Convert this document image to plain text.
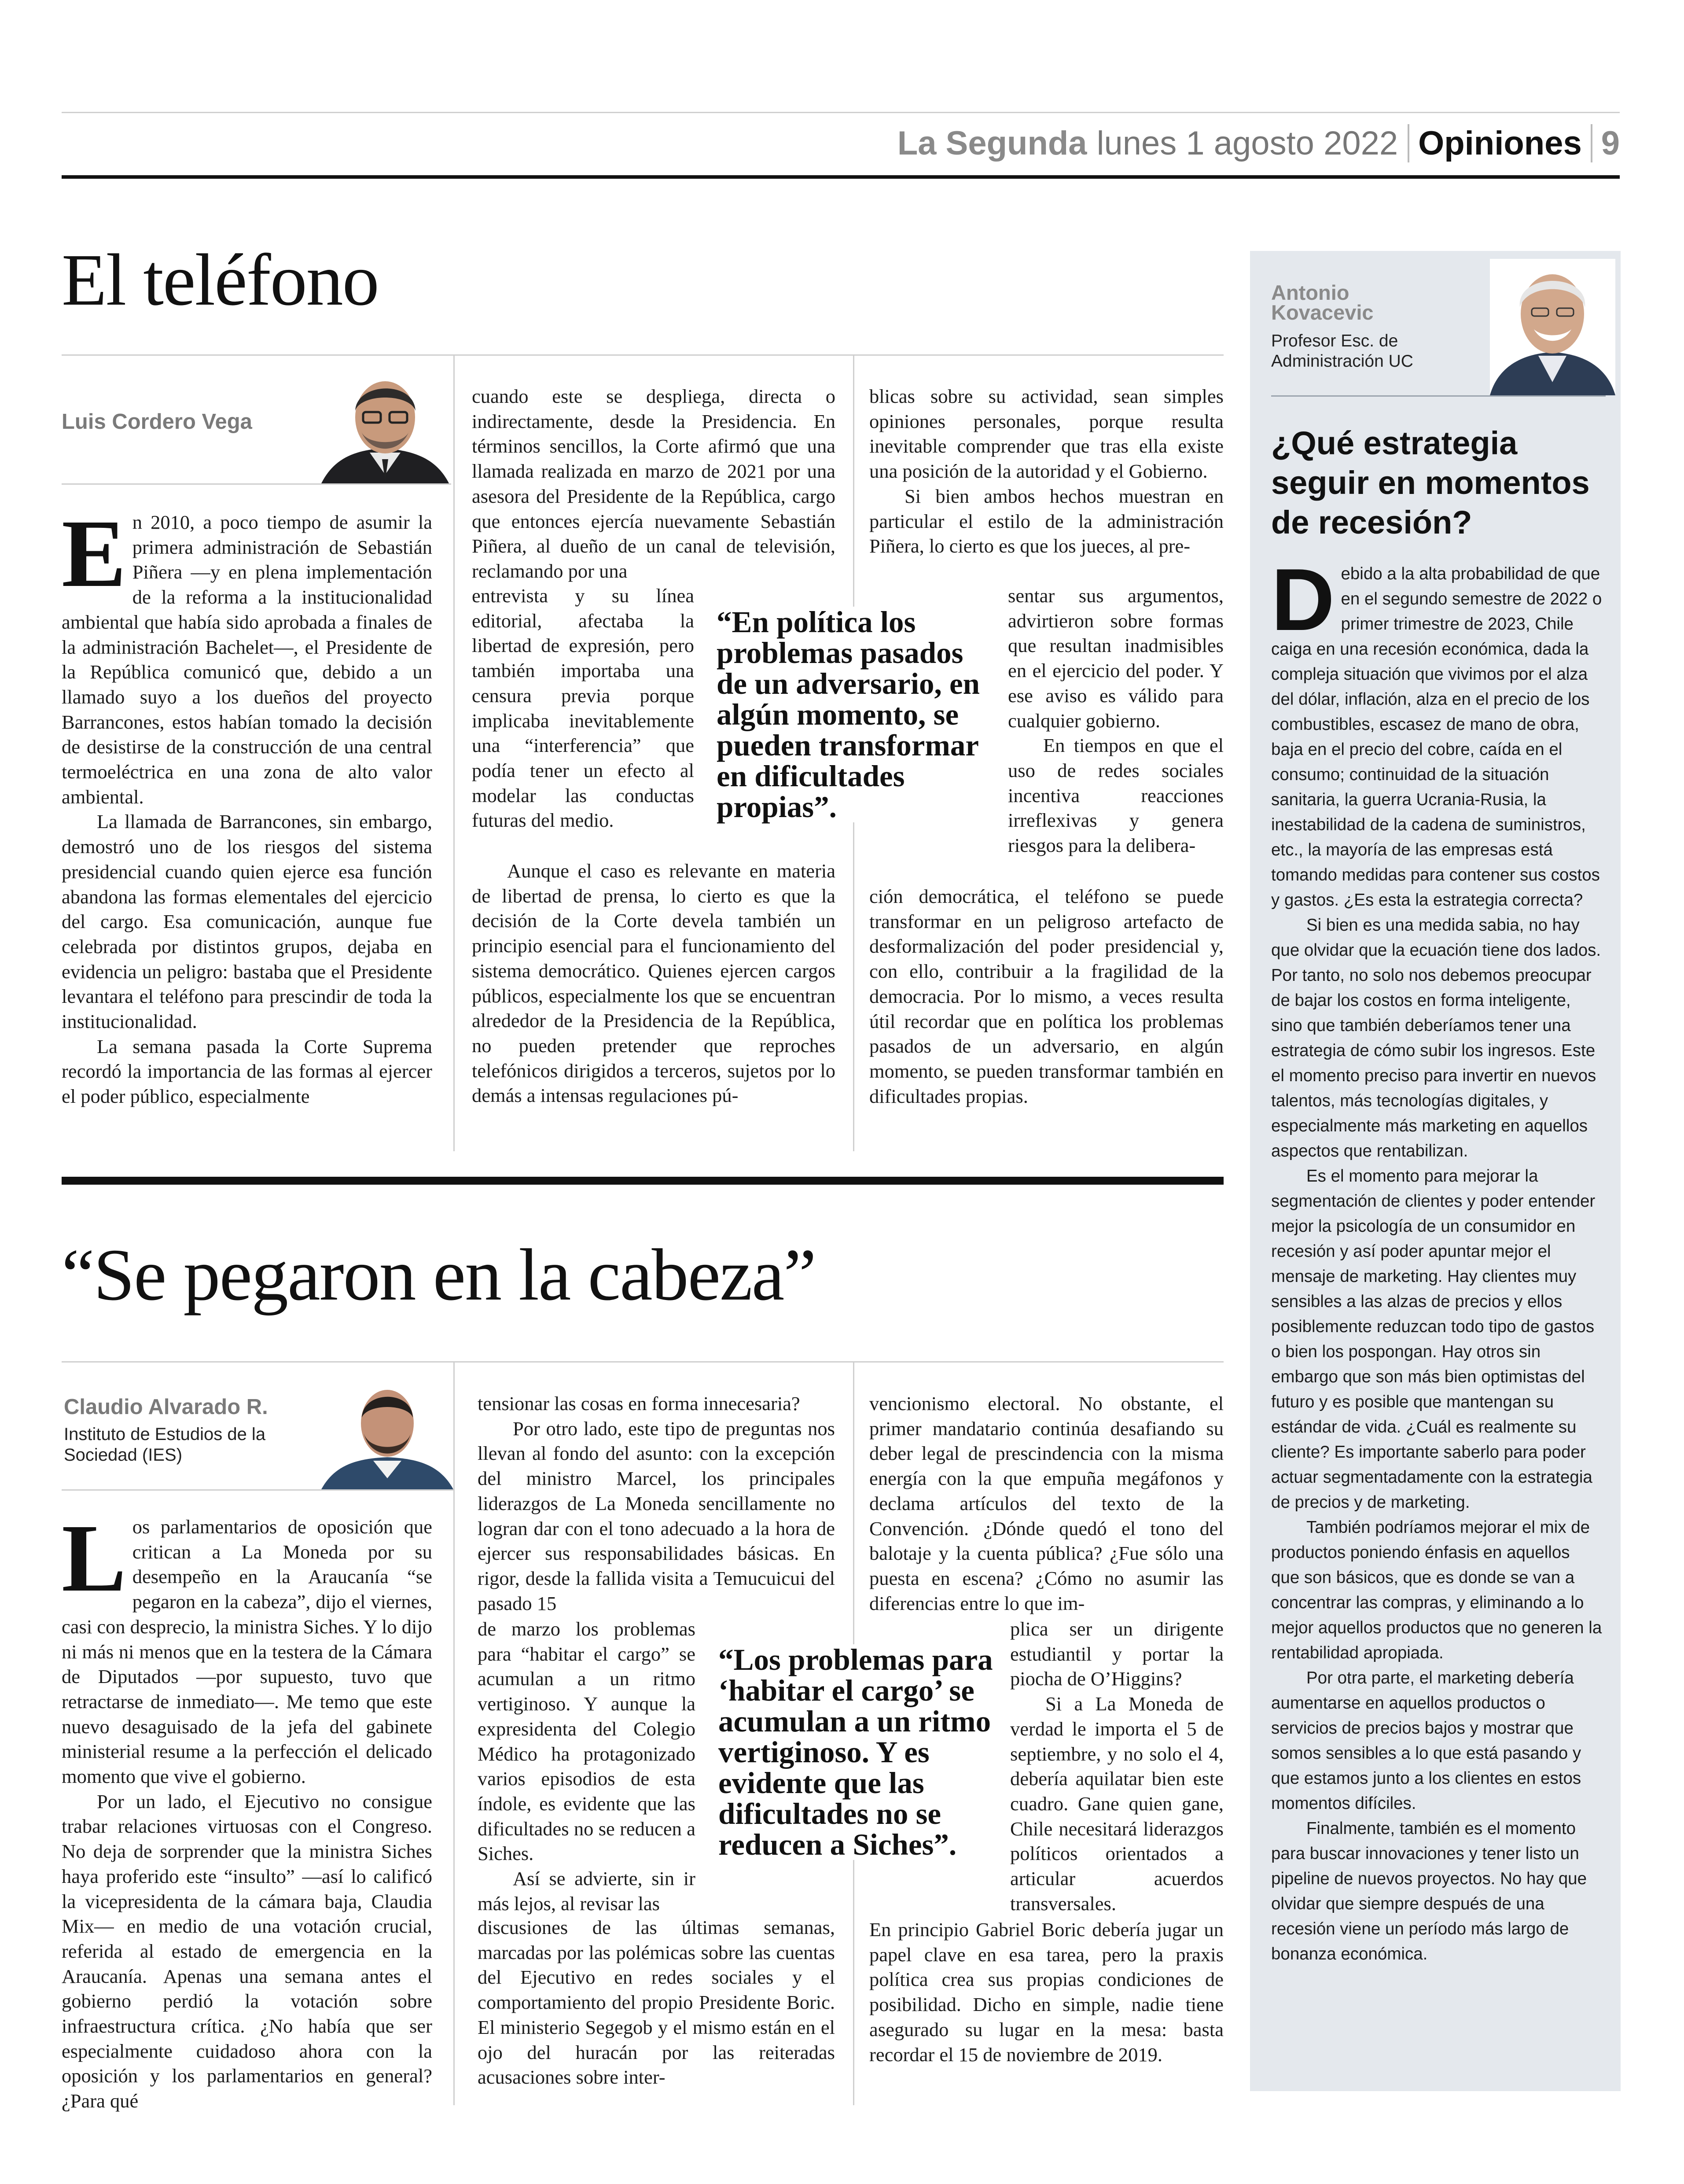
La Segunda lunes 1 agosto 2022 Opiniones 9
El teléfono
Luis Cordero Vega
E n 2010, a poco tiempo de asumir la primera administración de Sebastián Piñera —y en plena implementación de la reforma a la institucionalidad ambiental que había sido aprobada a finales de la administración Bachelet—, el Presidente de la República comunicó que, debido a un llamado suyo a los dueños del proyecto Barrancones, estos habían tomado la decisión de desistirse de la construcción de una central termoeléctrica en una zona de alto valor ambiental.

La llamada de Barrancones, sin embargo, demostró uno de los riesgos del sistema presidencial cuando quien ejerce esa función abandona las formas elementales del ejercicio del cargo. Esa comunicación, aunque fue celebrada por distintos grupos, dejaba en evidencia un peligro: bastaba que el Presidente levantara el teléfono para prescindir de toda la institucionalidad.

La semana pasada la Corte Suprema recordó la importancia de las formas al ejercer el poder público, especialmente

cuando este se despliega, directa o indirectamente, desde la Presidencia. En términos sencillos, la Corte afirmó que una llamada realizada en marzo de 2021 por una asesora del Presidente de la República, cargo que entonces ejercía nuevamente Sebastián Piñera, al dueño de un canal de televisión, reclamando por una

entrevista y su línea editorial, afectaba la libertad de expresión, pero también importaba una censura previa porque implicaba inevitablemente una “interferencia” que podía tener un efecto al modelar las conductas futuras del medio.

Aunque el caso es relevante en materia de libertad de prensa, lo cierto es que la decisión de la Corte devela también un principio esencial para el funcionamiento del sistema democrático. Quienes ejercen cargos públicos, especialmente los que se encuentran alrededor de la Presidencia de la República, no pueden pretender que reproches telefónicos dirigidos a terceros, sujetos por lo demás a intensas regulaciones pú-

“En política los problemas pasados de un adversario, en algún momento, se pueden transformar en dificultades propias”.

blicas sobre su actividad, sean simples opiniones personales, porque resulta inevitable comprender que tras ella existe una posición de la autoridad y el Gobierno.

Si bien ambos hechos muestran en particular el estilo de la administración Piñera, lo cierto es que los jueces, al pre-

sentar sus argumentos, advirtieron sobre formas que resultan inadmisibles en el ejercicio del poder. Y ese aviso es válido para cualquier gobierno.

En tiempos en que el uso de redes sociales incentiva reacciones irreflexivas y genera riesgos para la delibera-

ción democrática, el teléfono se puede transformar en un peligroso artefacto de desformalización del poder presidencial y, con ello, contribuir a la fragilidad de la democracia. Por lo mismo, a veces resulta útil recordar que en política los problemas pasados de un adversario, en algún momento, se pueden transformar también en dificultades propias.

“Se pegaron en la cabeza”
Claudio Alvarado R.
Instituto de Estudios de la Sociedad (IES)
L os parlamentarios de oposición que critican a La Moneda por su desempeño en la Araucanía “se pegaron en la cabeza”, dijo el viernes, casi con desprecio, la ministra Siches. Y lo dijo ni más ni menos que en la testera de la Cámara de Diputados —por supuesto, tuvo que retractarse de inmediato—. Me temo que este nuevo desaguisado de la jefa del gabinete ministerial resume a la perfección el delicado momento que vive el gobierno.

Por un lado, el Ejecutivo no consigue trabar relaciones virtuosas con el Congreso. No deja de sorprender que la ministra Siches haya proferido este “insulto” —así lo calificó la vicepresidenta de la cámara baja, Claudia Mix— en medio de una votación crucial, referida al estado de emergencia en la Araucanía. Apenas una semana antes el gobierno perdió la votación sobre infraestructura crítica. ¿No había que ser especialmente cuidadoso ahora con la oposición y los parlamentarios en general? ¿Para qué

tensionar las cosas en forma innecesaria?

Por otro lado, este tipo de preguntas nos llevan al fondo del asunto: con la excepción del ministro Marcel, los principales liderazgos de La Moneda sencillamente no logran dar con el tono adecuado a la hora de ejercer sus responsabilidades básicas. En rigor, desde la fallida visita a Temucuicui del pasado 15

de marzo los problemas para “habitar el cargo” se acumulan a un ritmo vertiginoso. Y aunque la expresidenta del Colegio Médico ha protagonizado varios episodios de esta índole, es evidente que las dificultades no se reducen a Siches.

Así se advierte, sin ir más lejos, al revisar las

discusiones de las últimas semanas, marcadas por las polémicas sobre las cuentas del Ejecutivo en redes sociales y el comportamiento del propio Presidente Boric. El ministerio Segegob y el mismo están en el ojo del huracán por las reiteradas acusaciones sobre inter-

“Los problemas para ‘habitar el cargo’ se acumulan a un ritmo vertiginoso. Y es evidente que las dificultades no se reducen a Siches”.

vencionismo electoral. No obstante, el primer mandatario continúa desafiando su deber legal de prescindencia con la misma energía con la que empuña megáfonos y declama artículos del texto de la Convención. ¿Dónde quedó el tono del balotaje y la cuenta pública? ¿Fue sólo una puesta en escena? ¿Cómo no asumir las diferencias entre lo que im-

plica ser un dirigente estudiantil y portar la piocha de O’Higgins?

Si a La Moneda de verdad le importa el 5 de septiembre, y no solo el 4, debería aquilatar bien este cuadro. Gane quien gane, Chile necesitará liderazgos políticos orientados a articular acuerdos transversales.

En principio Gabriel Boric debería jugar un papel clave en esa tarea, pero la praxis política crea sus propias condiciones de posibilidad. Dicho en simple, nadie tiene asegurado su lugar en la mesa: basta recordar el 15 de noviembre de 2019.

Antonio
Kovacevic
Profesor Esc. de Administración UC
¿Qué estrategia seguir en momentos de recesión?
D ebido a la alta probabilidad de que en el segundo semestre de 2022 o primer trimestre de 2023, Chile caiga en una recesión económica, dada la compleja situación que vivimos por el alza del dólar, inflación, alza en el precio de los combustibles, escasez de mano de obra, baja en el precio del cobre, caída en el consumo; continuidad de la situación sanitaria, la guerra Ucrania-Rusia, la inestabilidad de la cadena de suministros, etc., la mayoría de las empresas está tomando medidas para contener sus costos y gastos. ¿Es esta la estrategia correcta?

Si bien es una medida sabia, no hay que olvidar que la ecuación tiene dos lados. Por tanto, no solo nos debemos preocupar de bajar los costos en forma inteligente, sino que también deberíamos tener una estrategia de cómo subir los ingresos. Este el momento preciso para invertir en nuevos talentos, más tecnologías digitales, y especialmente más marketing en aquellos aspectos que rentabilizan.

Es el momento para mejorar la segmentación de clientes y poder entender mejor la psicología de un consumidor en recesión y así poder apuntar mejor el mensaje de marketing. Hay clientes muy sensibles a las alzas de precios y ellos posiblemente reduzcan todo tipo de gastos o bien los pospongan. Hay otros sin embargo que son más bien optimistas del futuro y es posible que mantengan su estándar de vida. ¿Cuál es realmente su cliente? Es importante saberlo para poder actuar segmentadamente con la estrategia de precios y de marketing.

También podríamos mejorar el mix de productos poniendo énfasis en aquellos que son básicos, que es donde se van a concentrar las compras, y eliminando a lo mejor aquellos productos que no generen la rentabilidad apropiada.

Por otra parte, el marketing debería aumentarse en aquellos productos o servicios de precios bajos y mostrar que somos sensibles a lo que está pasando y que estamos junto a los clientes en estos momentos difíciles.

Finalmente, también es el momento para buscar innovaciones y tener listo un pipeline de nuevos proyectos. No hay que olvidar que siempre después de una recesión viene un período más largo de bonanza económica.
